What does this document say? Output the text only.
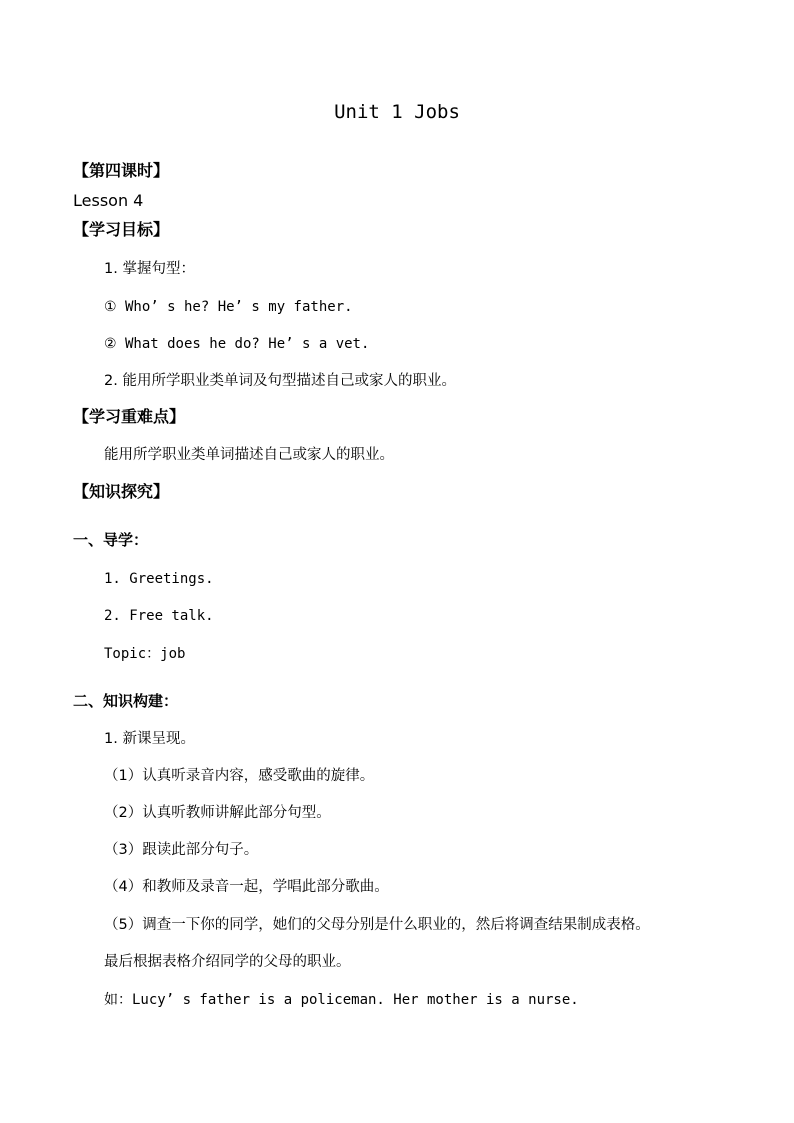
Unit 1 Jobs
【第四课时】
Lesson 4
【学习目标】
1. 掌握句型：
① Who’ s he? He’ s my father.
② What does he do? He’ s a vet.
2. 能用所学职业类单词及句型描述自己或家人的职业。
【学习重难点】
能用所学职业类单词描述自己或家人的职业。
【知识探究】
一、导学：
1. Greetings.
2. Free talk.
Topic：job
二、知识构建：
1. 新课呈现。
（1）认真听录音内容，感受歌曲的旋律。
（2）认真听教师讲解此部分句型。
（3）跟读此部分句子。
（4）和教师及录音一起，学唱此部分歌曲。
（5）调查一下你的同学，她们的父母分别是什么职业的，然后将调查结果制成表格。
最后根据表格介绍同学的父母的职业。
如：Lucy’ s father is a policeman. Her mother is a nurse.
